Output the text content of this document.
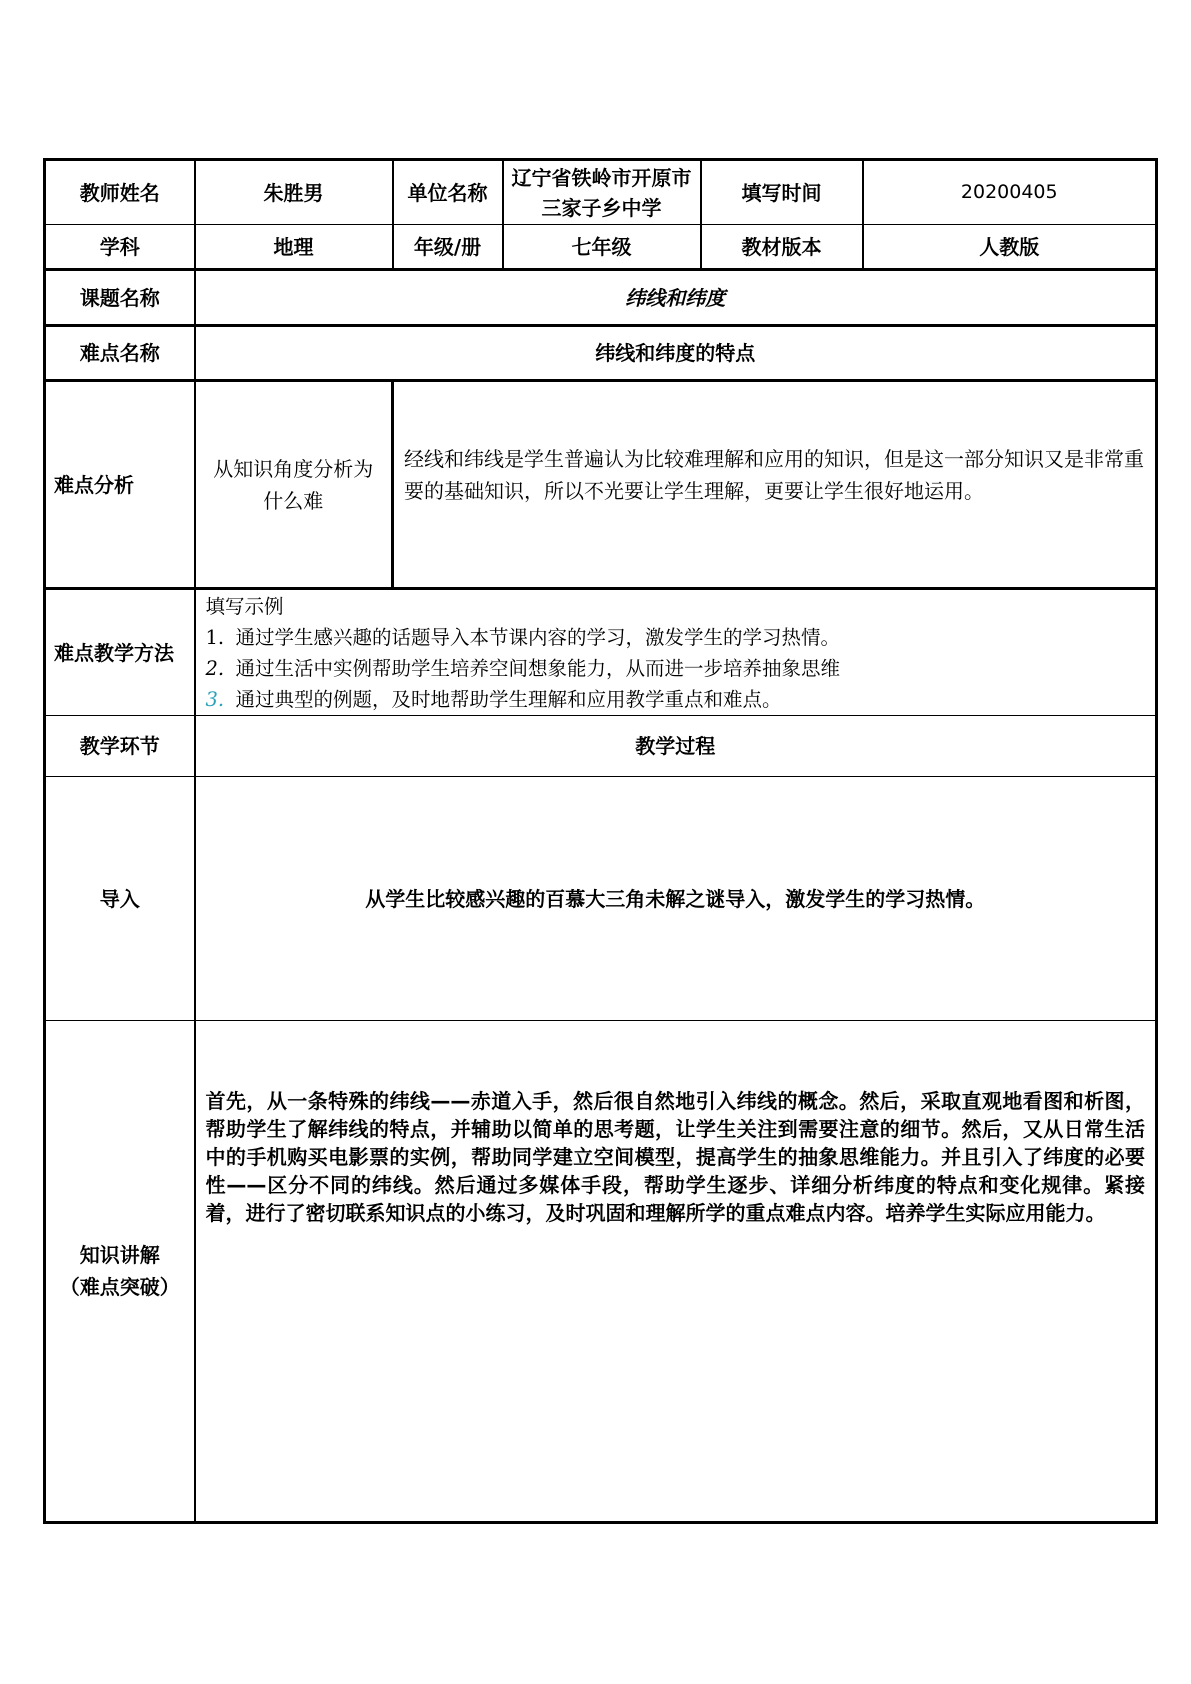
教师姓名	朱胜男	单位名称	辽宁省铁岭市开原市三家子乡中学	填写时间	20200405
学科	地理	年级/册	七年级	教材版本	人教版
课题名称	纬线和纬度				
难点名称	纬线和纬度的特点				
难点分析	从知识角度分析为什么难	经线和纬线是学生普遍认为比较难理解和应用的知识，但是这一部分知识又是非常重要的基础知识，所以不光要让学生理解，更要让学生很好地运用。			
难点教学方法	填写示例
1. 通过学生感兴趣的话题导入本节课内容的学习，激发学生的学习热情。
2. 通过生活中实例帮助学生培养空间想象能力，从而进一步培养抽象思维
3. 通过典型的例题，及时地帮助学生理解和应用教学重点和难点。				

教学环节	教学过程				
导入	从学生比较感兴趣的百慕大三角未解之谜导入，激发学生的学习热情。				

知识讲解
（难点突破）	首先，从一条特殊的纬线——赤道入手，然后很自然地引入纬线的概念。然后，采取直观地看图和析图，帮助学生了解纬线的特点，并辅助以简单的思考题，让学生关注到需要注意的细节。然后，又从日常生活中的手机购买电影票的实例，帮助同学建立空间模型，提高学生的抽象思维能力。并且引入了纬度的必要性——区分不同的纬线。然后通过多媒体手段，帮助学生逐步、详细分析纬度的特点和变化规律。紧接着，进行了密切联系知识点的小练习，及时巩固和理解所学的重点难点内容。培养学生实际应用能力。				
